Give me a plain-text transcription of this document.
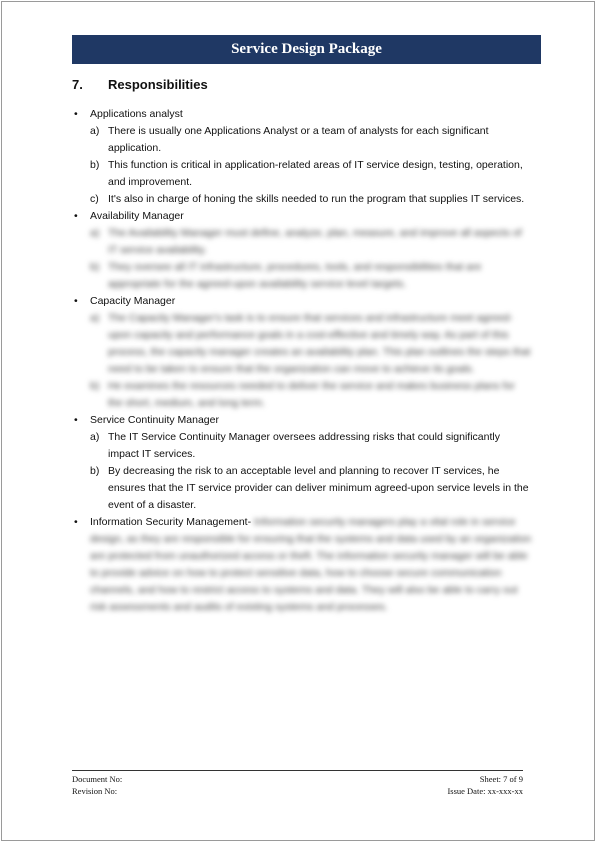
Service Design Package
7. Responsibilities
• Applications analyst
a) There is usually one Applications Analyst or a team of analysts for each significant application.
b) This function is critical in application-related areas of IT service design, testing, operation, and improvement.
c) It's also in charge of honing the skills needed to run the program that supplies IT services.
• Availability Manager
a) The Availability Manager must define, analyze, plan, measure, and improve all aspects of IT service availability.
b) They oversee all IT infrastructure, procedures, tools, and responsibilities that are appropriate for the agreed-upon availability service level targets.
• Capacity Manager
a) The Capacity Manager's task is to ensure that services and infrastructure meet agreed-upon capacity and performance goals in a cost-effective and timely way. As part of this process, the capacity manager creates an availability plan. This plan outlines the steps that need to be taken to ensure that the organization can move to achieve its goals.
b) He examines the resources needed to deliver the service and makes business plans for the short, medium, and long term.
• Service Continuity Manager
a) The IT Service Continuity Manager oversees addressing risks that could significantly impact IT services.
b) By decreasing the risk to an acceptable level and planning to recover IT services, he ensures that the IT service provider can deliver minimum agreed-upon service levels in the event of a disaster.
• Information Security Management- Information security managers play a vital role in service design, as they are responsible for ensuring that the systems and data used by an organization are protected from unauthorized access or theft. The information security manager will be able to provide advice on how to protect sensitive data, how to choose secure communication channels, and how to restrict access to systems and data. They will also be able to carry out risk assessments and audits of existing systems and processes.
Document No:	Sheet: 7 of 9
Revision No:	Issue Date: xx-xxx-xx
